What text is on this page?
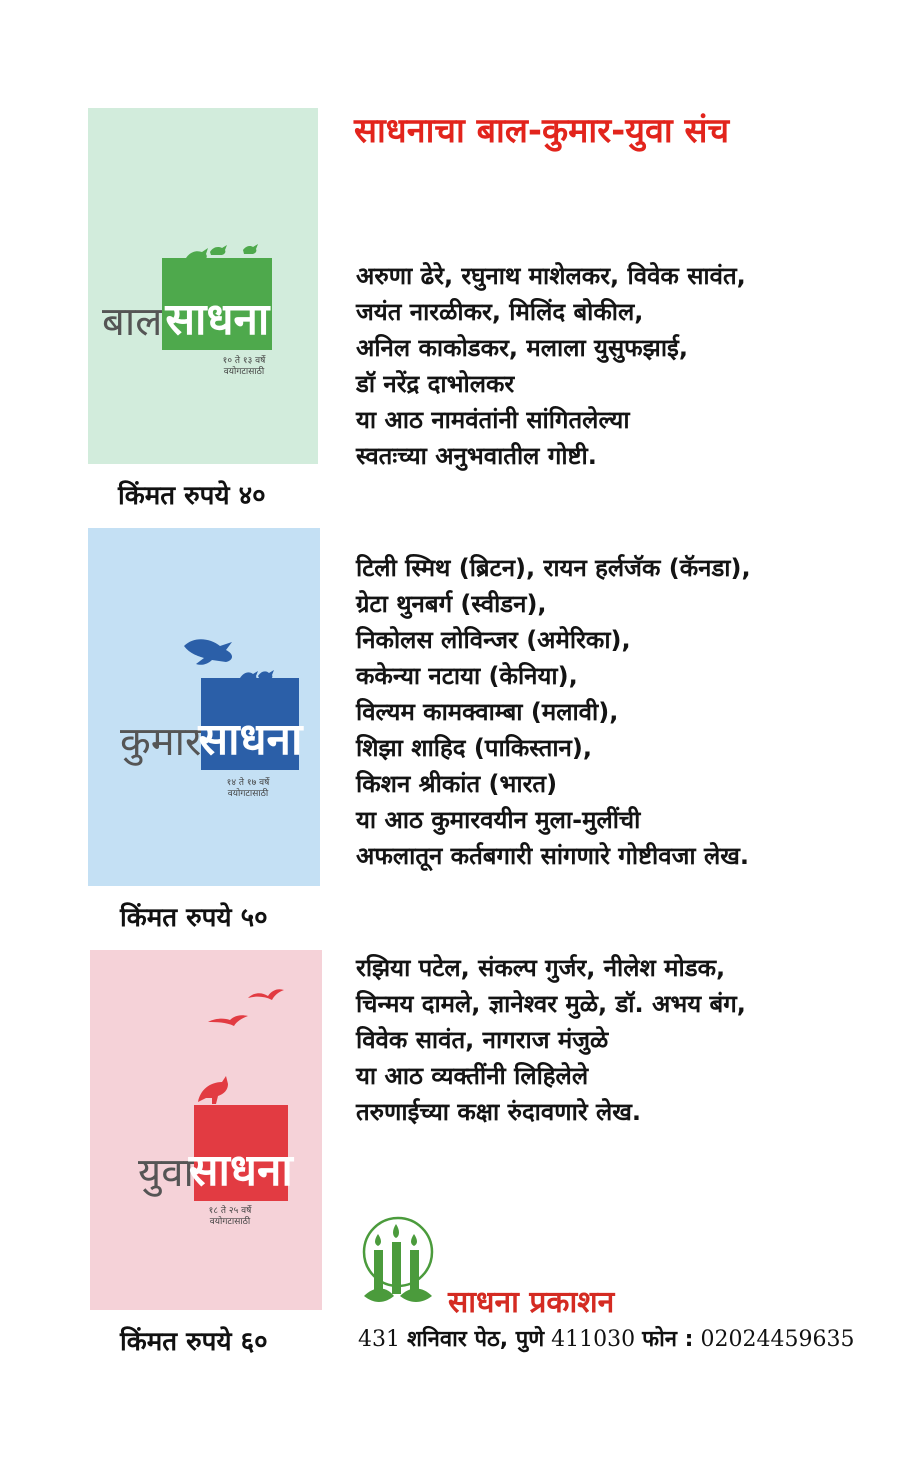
साधनाचा बाल-कुमार-युवा संच
बाल साधना
१० ते १३ वर्षे
वयोगटासाठी
किंमत रुपये ४०
अरुणा ढेरे, रघुनाथ माशेलकर, विवेक सावंत,
जयंत नारळीकर, मिलिंद बोकील,
अनिल काकोडकर, मलाला युसुफझाई,
डॉ नरेंद्र दाभोलकर
या आठ नामवंतांनी सांगितलेल्या
स्वतःच्या अनुभवातील गोष्टी.
कुमार
साधना
१४ ते १७ वर्षे
वयोगटासाठी
किंमत रुपये ५०
टिली स्मिथ (ब्रिटन), रायन हर्लजॅक (कॅनडा),
ग्रेटा थुनबर्ग (स्वीडन),
निकोलस लोविन्जर (अमेरिका),
ककेन्या नटाया (केनिया),
विल्यम कामक्वाम्बा (मलावी),
शिझा शाहिद (पाकिस्तान),
किशन श्रीकांत (भारत)
या आठ कुमारवयीन मुला-मुलींची
अफलातून कर्तबगारी सांगणारे गोष्टीवजा लेख.
युवा
साधना
१८ ते २५ वर्षे
वयोगटासाठी
किंमत रुपये ६०
रझिया पटेल, संकल्प गुर्जर, नीलेश मोडक,
चिन्मय दामले, ज्ञानेश्वर मुळे, डॉ. अभय बंग,
विवेक सावंत, नागराज मंजुळे
या आठ व्यक्तींनी लिहिलेले
तरुणाईच्या कक्षा रुंदावणारे लेख.
साधना प्रकाशन
431 शनिवार पेठ, पुणे 411030 फोन : 02024459635
